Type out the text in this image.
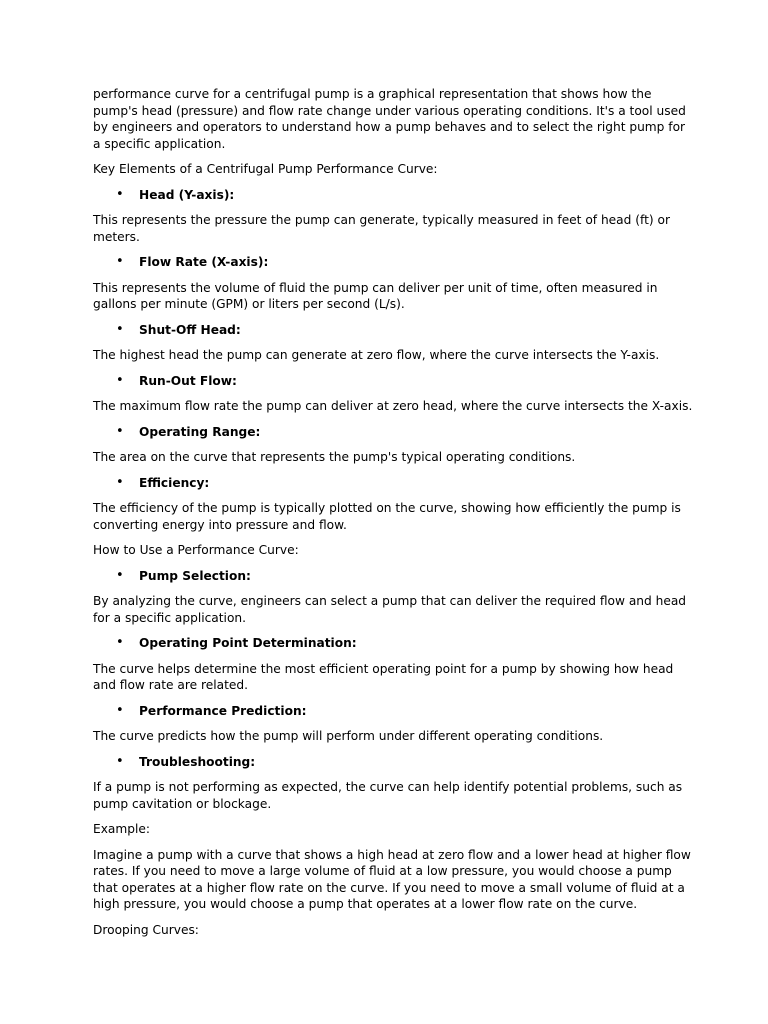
performance curve for a centrifugal pump is a graphical representation that shows how the pump's head (pressure) and flow rate change under various operating conditions. It's a tool used by engineers and operators to understand how a pump behaves and to select the right pump for a specific application.

Key Elements of a Centrifugal Pump Performance Curve:

• Head (Y-axis):

This represents the pressure the pump can generate, typically measured in feet of head (ft) or meters.

• Flow Rate (X-axis):

This represents the volume of fluid the pump can deliver per unit of time, often measured in gallons per minute (GPM) or liters per second (L/s).

• Shut-Off Head:

The highest head the pump can generate at zero flow, where the curve intersects the Y-axis.

• Run-Out Flow:

The maximum flow rate the pump can deliver at zero head, where the curve intersects the X-axis.

• Operating Range:

The area on the curve that represents the pump's typical operating conditions.

• Efficiency:

The efficiency of the pump is typically plotted on the curve, showing how efficiently the pump is converting energy into pressure and flow.

How to Use a Performance Curve:

• Pump Selection:

By analyzing the curve, engineers can select a pump that can deliver the required flow and head for a specific application.

• Operating Point Determination:

The curve helps determine the most efficient operating point for a pump by showing how head and flow rate are related.

• Performance Prediction:

The curve predicts how the pump will perform under different operating conditions.

• Troubleshooting:

If a pump is not performing as expected, the curve can help identify potential problems, such as pump cavitation or blockage.

Example:

Imagine a pump with a curve that shows a high head at zero flow and a lower head at higher flow rates. If you need to move a large volume of fluid at a low pressure, you would choose a pump that operates at a higher flow rate on the curve. If you need to move a small volume of fluid at a high pressure, you would choose a pump that operates at a lower flow rate on the curve.

Drooping Curves:
